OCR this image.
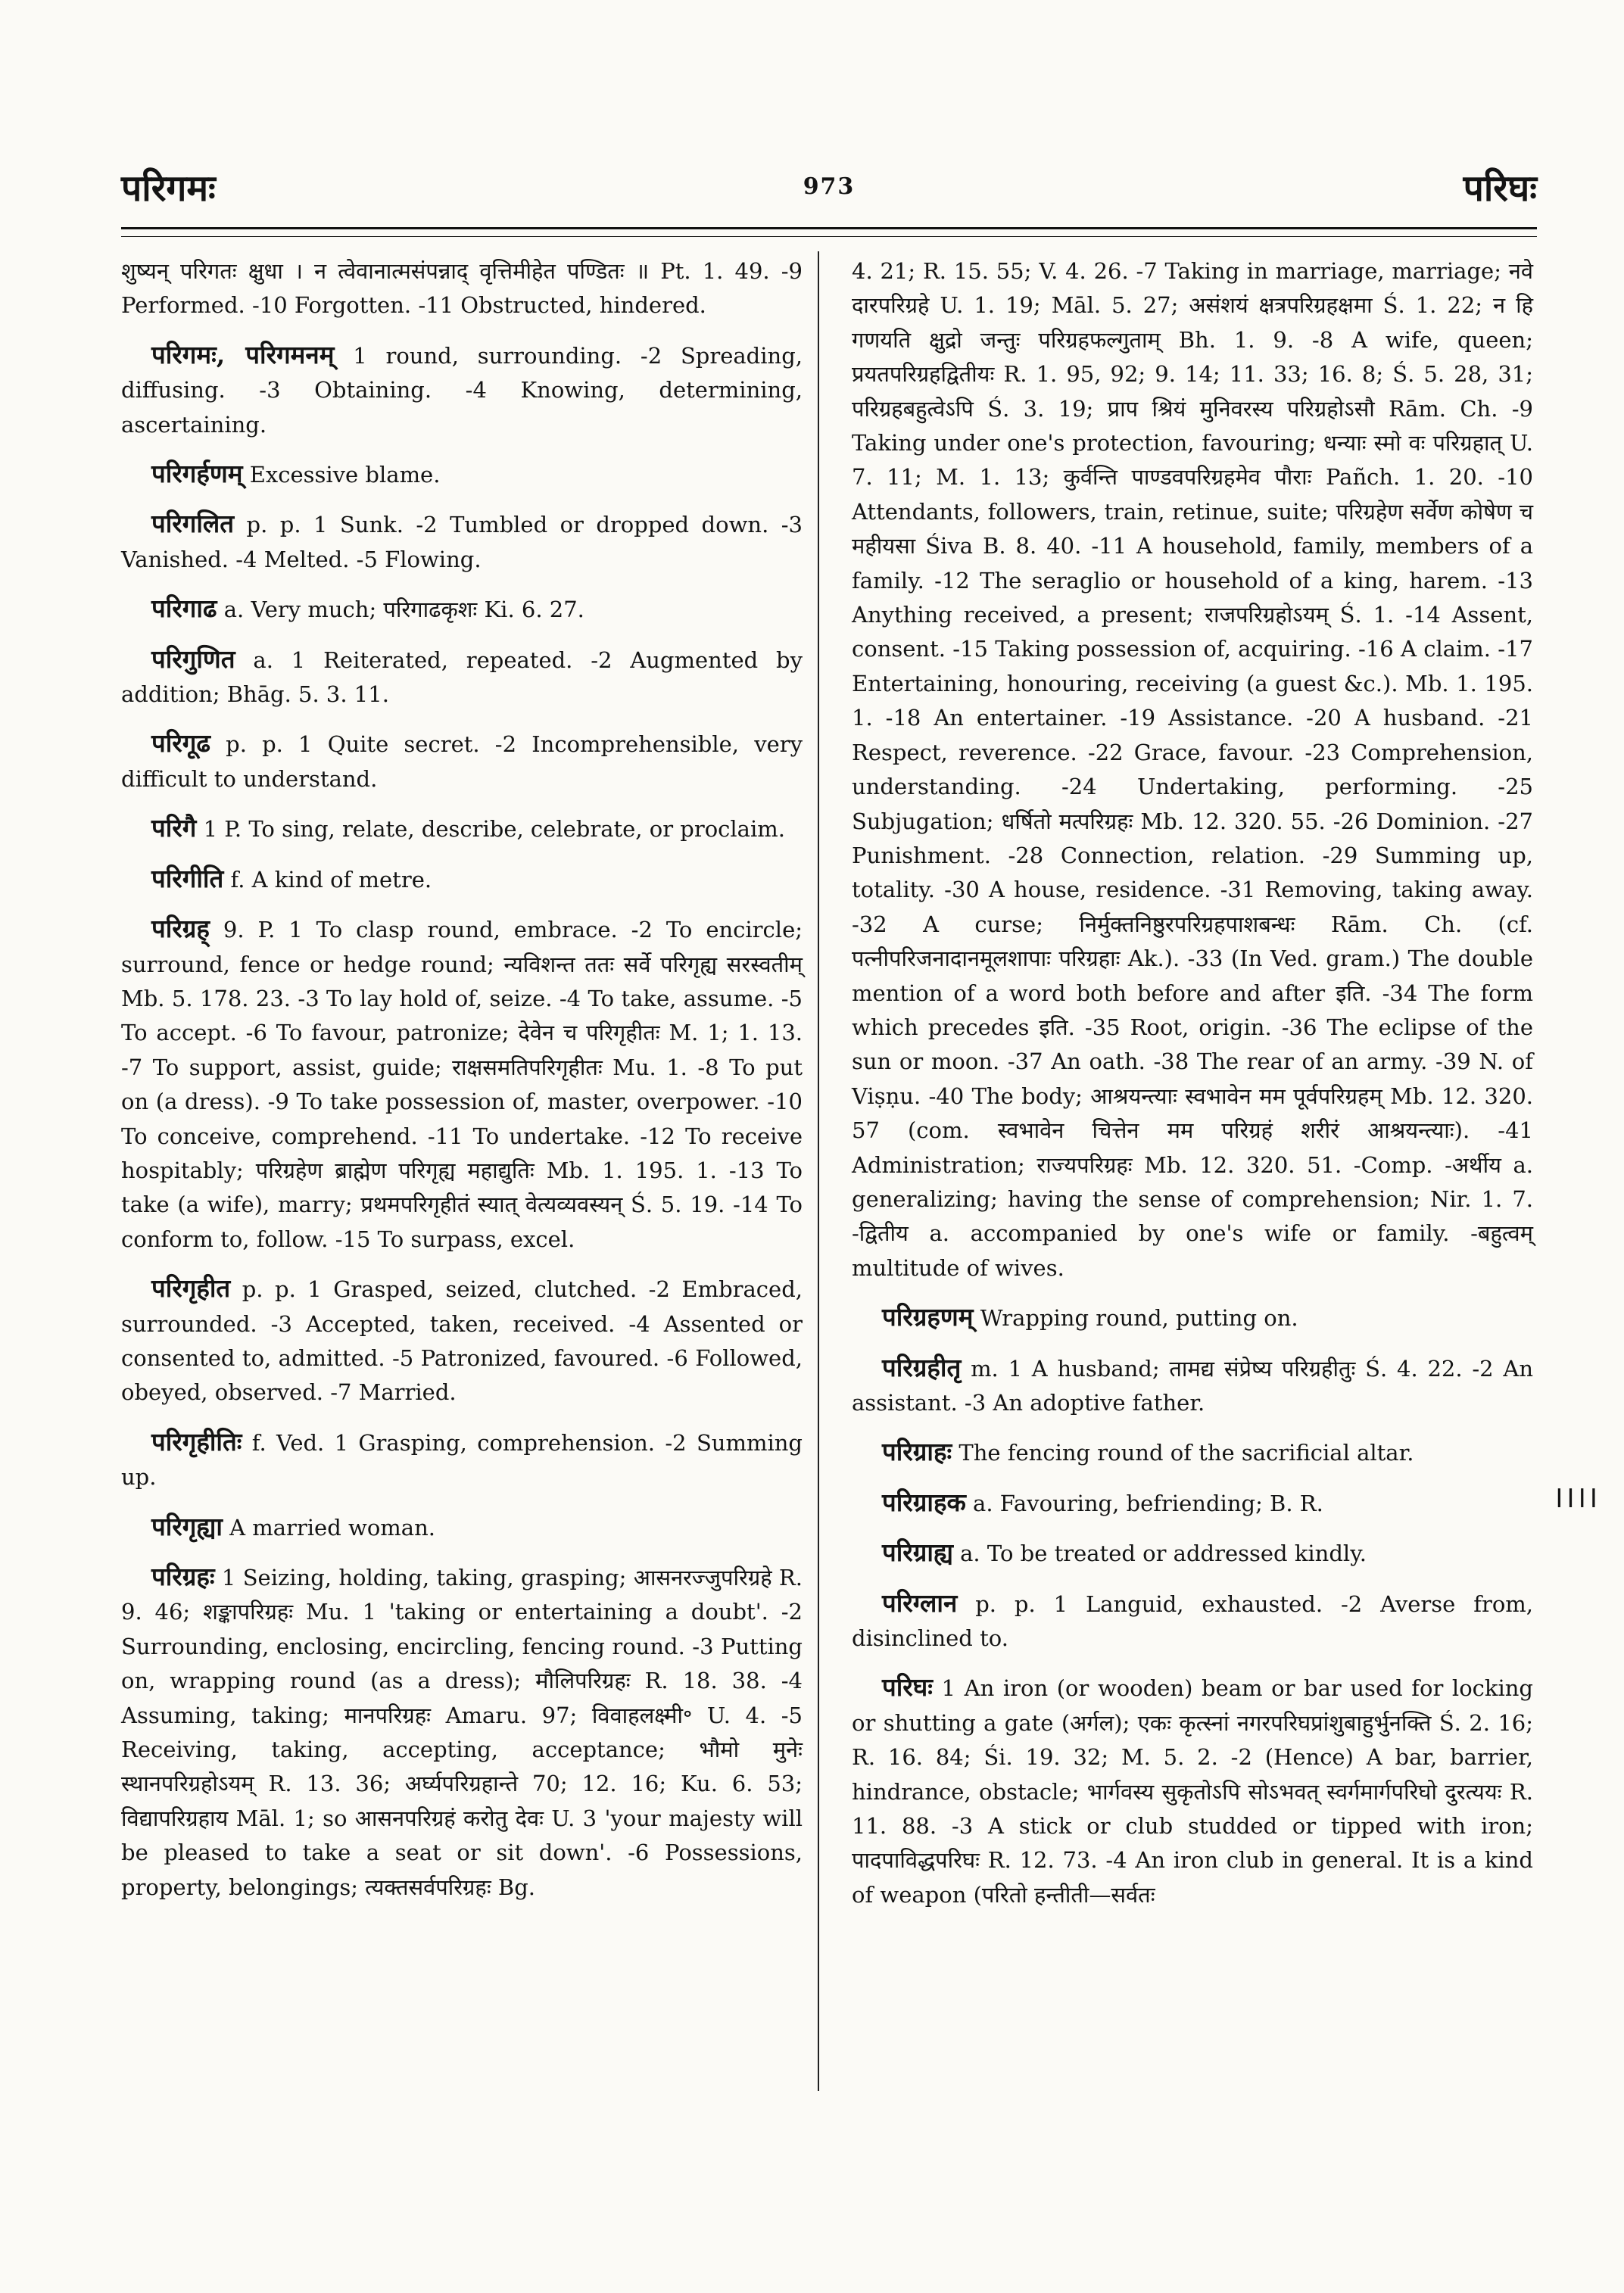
परिगमः	973	परिघः

शुष्यन् परिगतः क्षुधा । न त्वेवानात्मसंपन्नाद् वृत्तिमीहेत पण्डितः ॥ Pt. 1. 49. -9 Performed. -10 Forgotten. -11 Obstructed, hindered.

परिगमः, परिगमनम् 1 round, surrounding. -2 Spreading, diffusing. -3 Obtaining. -4 Knowing, determining, ascertaining.

परिगर्हणम् Excessive blame.

परिगलित p. p. 1 Sunk. -2 Tumbled or dropped down. -3 Vanished. -4 Melted. -5 Flowing.

परिगाढ a. Very much; परिगाढकृशः Ki. 6. 27.

परिगुणित a. 1 Reiterated, repeated. -2 Augmented by addition; Bhāg. 5. 3. 11.

परिगूढ p. p. 1 Quite secret. -2 Incomprehensible, very difficult to understand.

परिगै 1 P. To sing, relate, describe, celebrate, or proclaim.

परिगीति f. A kind of metre.

परिग्रह् 9. P. 1 To clasp round, embrace. -2 To encircle; surround, fence or hedge round; न्यविशन्त ततः सर्वे परिगृह्य सरस्वतीम् Mb. 5. 178. 23. -3 To lay hold of, seize. -4 To take, assume. -5 To accept. -6 To favour, patronize; देवेन च परिगृहीतः M. 1; 1. 13. -7 To support, assist, guide; राक्षसमतिपरिगृहीतः Mu. 1. -8 To put on (a dress). -9 To take possession of, master, overpower. -10 To conceive, comprehend. -11 To undertake. -12 To receive hospitably; परिग्रहेण ब्राह्मेण परिगृह्य महाद्युतिः Mb. 1. 195. 1. -13 To take (a wife), marry; प्रथमपरिगृहीतं स्यात् वेत्यव्यवस्यन् Ś. 5. 19. -14 To conform to, follow. -15 To surpass, excel.

परिगृहीत p. p. 1 Grasped, seized, clutched. -2 Embraced, surrounded. -3 Accepted, taken, received. -4 Assented or consented to, admitted. -5 Patronized, favoured. -6 Followed, obeyed, observed. -7 Married.

परिगृहीतिः f. Ved. 1 Grasping, comprehension. -2 Summing up.

परिगृह्या A married woman.

परिग्रहः 1 Seizing, holding, taking, grasping; आसनरज्जुपरिग्रहे R. 9. 46; शङ्कापरिग्रहः Mu. 1 'taking or entertaining a doubt'. -2 Surrounding, enclosing, encircling, fencing round. -3 Putting on, wrapping round (as a dress); मौलिपरिग्रहः R. 18. 38. -4 Assuming, taking; मानपरिग्रहः Amaru. 97; विवाहलक्ष्मी॰ U. 4. -5 Receiving, taking, accepting, acceptance; भौमो मुनेः स्थानपरिग्रहोऽयम् R. 13. 36; अर्घ्यपरिग्रहान्ते 70; 12. 16; Ku. 6. 53; विद्यापरिग्रहाय Māl. 1; so आसनपरिग्रहं करोतु देवः U. 3 'your majesty will be pleased to take a seat or sit down'. -6 Possessions, property, belongings; त्यक्तसर्वपरिग्रहः Bg.

4. 21; R. 15. 55; V. 4. 26. -7 Taking in marriage, marriage; नवे दारपरिग्रहे U. 1. 19; Māl. 5. 27; असंशयं क्षत्रपरिग्रहक्षमा Ś. 1. 22; न हि गणयति क्षुद्रो जन्तुः परिग्रहफल्गुताम् Bh. 1. 9. -8 A wife, queen; प्रयतपरिग्रहद्वितीयः R. 1. 95, 92; 9. 14; 11. 33; 16. 8; Ś. 5. 28, 31; परिग्रहबहुत्वेऽपि Ś. 3. 19; प्राप श्रियं मुनिवरस्य परिग्रहोऽसौ Rām. Ch. -9 Taking under one's protection, favouring; धन्याः स्मो वः परिग्रहात् U. 7. 11; M. 1. 13; कुर्वन्ति पाण्डवपरिग्रहमेव पौराः Pañch. 1. 20. -10 Attendants, followers, train, retinue, suite; परिग्रहेण सर्वेण कोषेण च महीयसा Śiva B. 8. 40. -11 A household, family, members of a family. -12 The seraglio or household of a king, harem. -13 Anything received, a present; राजपरिग्रहोऽयम् Ś. 1. -14 Assent, consent. -15 Taking possession of, acquiring. -16 A claim. -17 Entertaining, honouring, receiving (a guest &c.). Mb. 1. 195. 1. -18 An entertainer. -19 Assistance. -20 A husband. -21 Respect, reverence. -22 Grace, favour. -23 Comprehension, understanding. -24 Undertaking, performing. -25 Subjugation; धर्षितो मत्परिग्रहः Mb. 12. 320. 55. -26 Dominion. -27 Punishment. -28 Connection, relation. -29 Summing up, totality. -30 A house, residence. -31 Removing, taking away. -32 A curse; निर्मुक्तनिष्ठुरपरिग्रहपाशबन्धः Rām. Ch. (cf. पत्नीपरिजनादानमूलशापाः परिग्रहाः Ak.). -33 (In Ved. gram.) The double mention of a word both before and after इति. -34 The form which precedes इति. -35 Root, origin. -36 The eclipse of the sun or moon. -37 An oath. -38 The rear of an army. -39 N. of Viṣṇu. -40 The body; आश्रयन्त्याः स्वभावेन मम पूर्वपरिग्रहम् Mb. 12. 320. 57 (com. स्वभावेन चित्तेन मम परिग्रहं शरीरं आश्रयन्त्याः). -41 Administration; राज्यपरिग्रहः Mb. 12. 320. 51. -Comp. -अर्थीय a. generalizing; having the sense of comprehension; Nir. 1. 7. -द्वितीय a. accompanied by one's wife or family. -बहुत्वम् multitude of wives.

परिग्रहणम् Wrapping round, putting on.

परिग्रहीतृ m. 1 A husband; तामद्य संप्रेष्य परिग्रहीतुः Ś. 4. 22. -2 An assistant. -3 An adoptive father.

परिग्राहः The fencing round of the sacrificial altar.

परिग्राहक a. Favouring, befriending; B. R.

परिग्राह्य a. To be treated or addressed kindly.

परिग्लान p. p. 1 Languid, exhausted. -2 Averse from, disinclined to.

परिघः 1 An iron (or wooden) beam or bar used for locking or shutting a gate (अर्गल); एकः कृत्स्नां नगरपरिघप्रांशुबाहुर्भुनक्ति Ś. 2. 16; R. 16. 84; Śi. 19. 32; M. 5. 2. -2 (Hence) A bar, barrier, hindrance, obstacle; भार्गवस्य सुकृतोऽपि सोऽभवत् स्वर्गमार्गपरिघो दुरत्ययः R. 11. 88. -3 A stick or club studded or tipped with iron; पादपाविद्धपरिघः R. 12. 73. -4 An iron club in general. It is a kind of weapon (परितो हन्तीती—सर्वतः

।।।।
